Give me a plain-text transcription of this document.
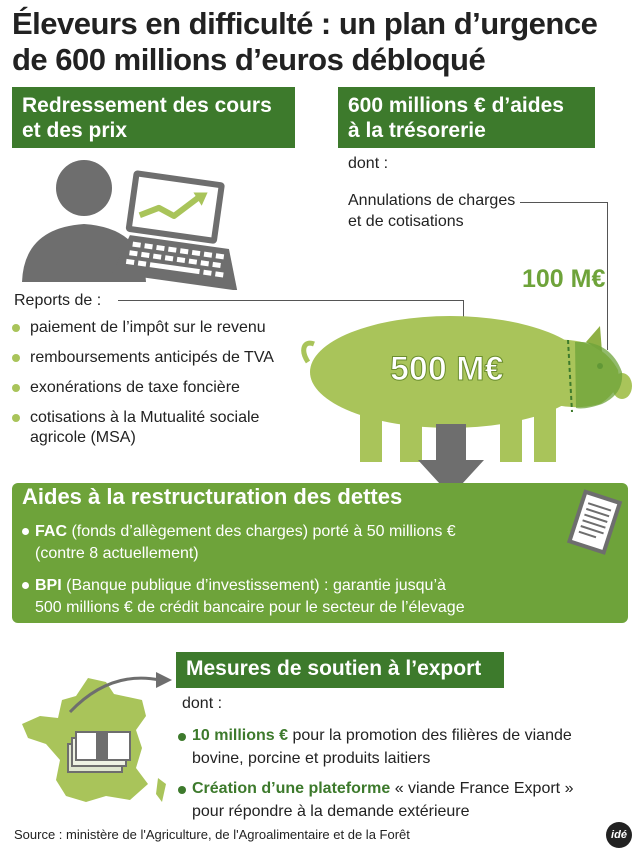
Éleveurs en difficulté : un plan d’urgence
de 600 millions d’euros débloqué
Redressement des cours
et des prix
600 millions € d’aides
à la trésorerie
dont :
Annulations de charges
et de cotisations
100 M€
Reports de :
paiement de l’impôt sur le revenu
remboursements anticipés de TVA
exonérations de taxe foncière
cotisations à la Mutualité sociale
agricole (MSA)
500 M€
Aides à la restructuration des dettes
FAC (fonds d’allègement des charges) porté à 50 millions €
(contre 8 actuellement)
BPI (Banque publique d’investissement) : garantie jusqu’à
500 millions € de crédit bancaire pour le secteur de l’élevage
Mesures de soutien à l’export
dont :
10 millions € pour la promotion des filières de viande
bovine, porcine et produits laitiers
Création d’une plateforme « viande France Export »
pour répondre à la demande extérieure
Source : ministère de l'Agriculture, de l'Agroalimentaire et de la Forêt	idé
